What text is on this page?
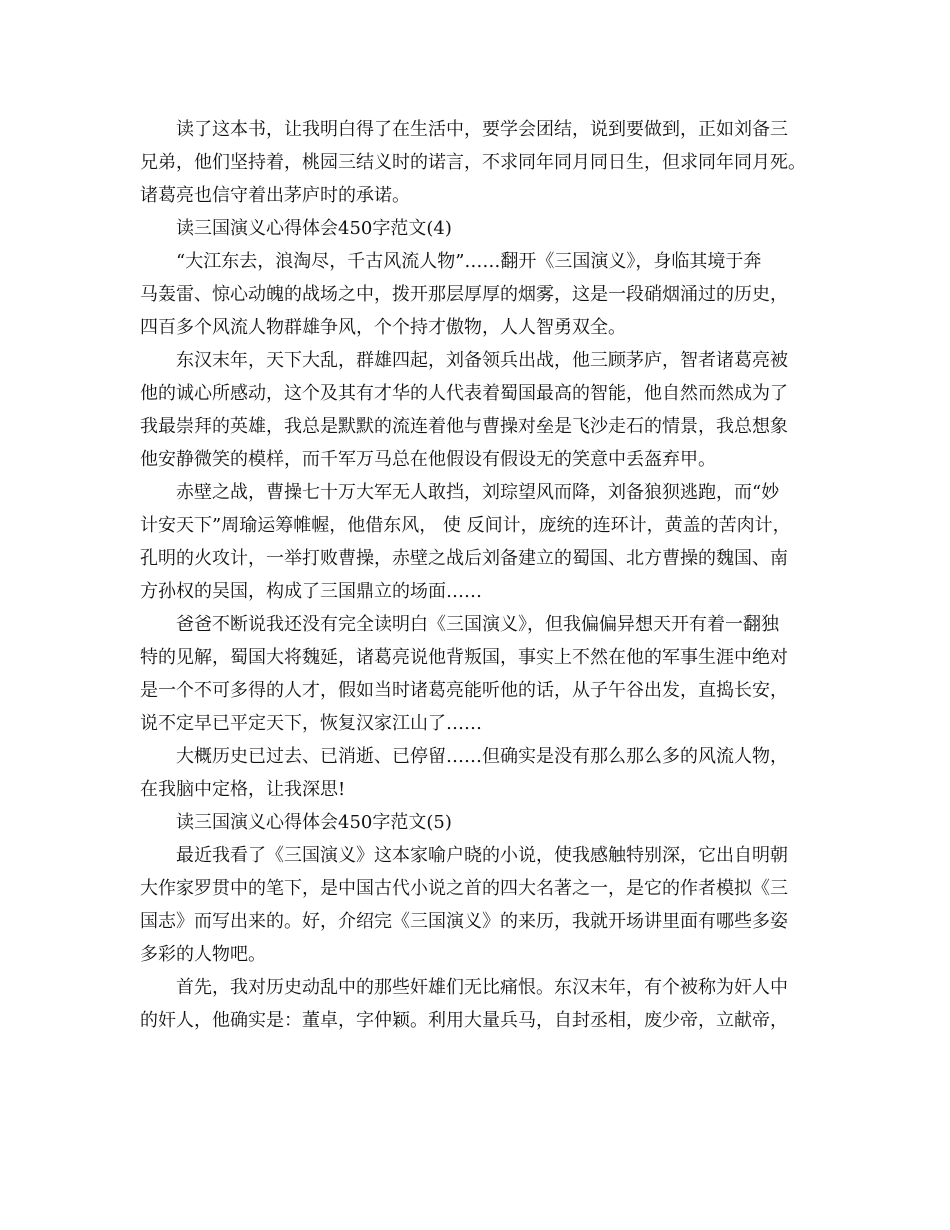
读了这本书，让我明白得了在生活中，要学会团结，说到要做到，正如刘备三
兄弟，他们坚持着，桃园三结义时的诺言，不求同年同月同日生，但求同年同月死。
诸葛亮也信守着出茅庐时的承诺。
读三国演义心得体会450字范文(4)
“大江东去，浪淘尽，千古风流人物”……翻开《三国演义》，身临其境于奔
马轰雷、惊心动魄的战场之中，拨开那层厚厚的烟雾，这是一段硝烟涌过的历史，
四百多个风流人物群雄争风，个个持才傲物，人人智勇双全。
东汉末年，天下大乱，群雄四起，刘备领兵出战，他三顾茅庐，智者诸葛亮被
他的诚心所感动，这个及其有才华的人代表着蜀国最高的智能，他自然而然成为了
我最崇拜的英雄，我总是默默的流连着他与曹操对垒是飞沙走石的情景，我总想象
他安静微笑的模样，而千军万马总在他假设有假设无的笑意中丢盔弃甲。
赤壁之战，曹操七十万大军无人敢挡，刘琮望风而降，刘备狼狈逃跑，而“妙
计安天下”周瑜运筹帷幄，他借东风， 使 反间计，庞统的连环计，黄盖的苦肉计，
孔明的火攻计，一举打败曹操，赤壁之战后刘备建立的蜀国、北方曹操的魏国、南
方孙权的吴国，构成了三国鼎立的场面……
爸爸不断说我还没有完全读明白《三国演义》，但我偏偏异想天开有着一翻独
特的见解，蜀国大将魏延，诸葛亮说他背叛国，事实上不然在他的军事生涯中绝对
是一个不可多得的人才，假如当时诸葛亮能听他的话，从子午谷出发，直捣长安，
说不定早已平定天下，恢复汉家江山了……
大概历史已过去、已消逝、已停留……但确实是没有那么那么多的风流人物，
在我脑中定格，让我深思!
读三国演义心得体会450字范文(5)
最近我看了《三国演义》这本家喻户晓的小说，使我感触特别深，它出自明朝
大作家罗贯中的笔下，是中国古代小说之首的四大名著之一，是它的作者模拟《三
国志》而写出来的。好，介绍完《三国演义》的来历，我就开场讲里面有哪些多姿
多彩的人物吧。
首先，我对历史动乱中的那些奸雄们无比痛恨。东汉末年，有个被称为奸人中
的奸人，他确实是：董卓，字仲颖。利用大量兵马，自封丞相，废少帝，立献帝，
